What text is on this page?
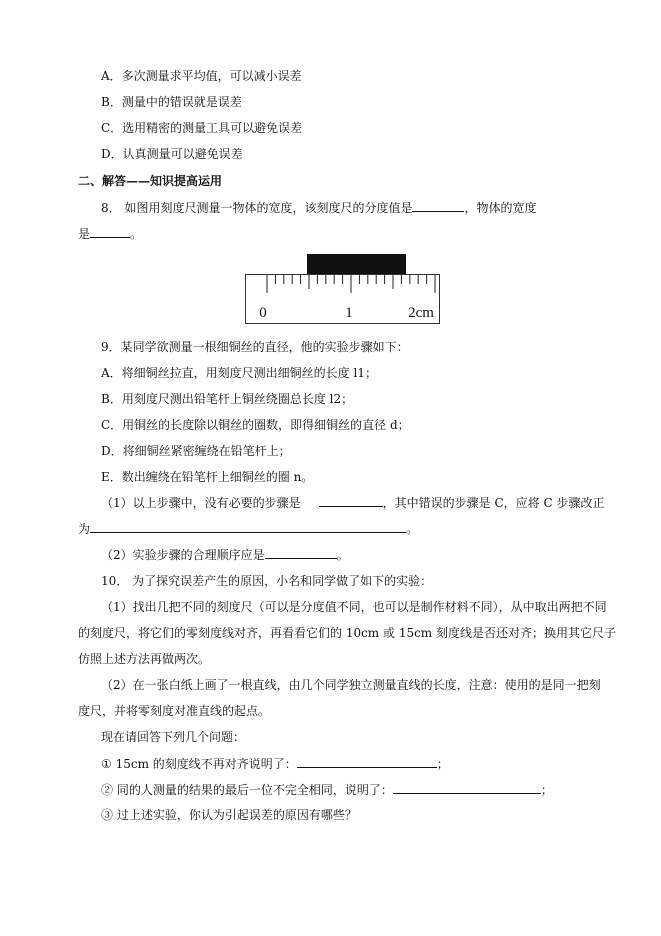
A．多次测量求平均值，可以减小误差
B．测量中的错误就是误差
C．选用精密的测量工具可以避免误差
D．认真测量可以避免误差
二、解答——知识提高运用
8． 如图用刻度尺测量一物体的宽度，该刻度尺的分度值是	，物体的宽度
是	。
0	1	2cm
9．某同学欲测量一根细铜丝的直径，他的实验步骤如下：
A．将细铜丝拉直，用刻度尺测出细铜丝的长度 l1；
B．用刻度尺测出铅笔杆上铜丝绕圈总长度 l2；
C．用铜丝的长度除以铜丝的圈数，即得细铜丝的直径 d；
D．将细铜丝紧密缠绕在铅笔杆上；
E．数出缠绕在铅笔杆上细铜丝的圈 n。
（1）以上步骤中，没有必要的步骤是	，其中错误的步骤是 C，应将 C 步骤改正
为	。
（2）实验步骤的合理顺序应是	。
10． 为了探究误差产生的原因，小名和同学做了如下的实验：
（1）找出几把不同的刻度尺（可以是分度值不同，也可以是制作材料不同），从中取出两把不同
的刻度尺，将它们的零刻度线对齐，再看看它们的 10cm 或 15cm 刻度线是否还对齐；换用其它尺子
仿照上述方法再做两次。
（2）在一张白纸上画了一根直线，由几个同学独立测量直线的长度，注意：使用的是同一把刻
度尺，并将零刻度对准直线的起点。
现在请回答下列几个问题：
① 15cm 的刻度线不再对齐说明了：	；
② 同的人测量的结果的最后一位不完全相同，说明了：	；
③ 过上述实验，你认为引起误差的原因有哪些？
